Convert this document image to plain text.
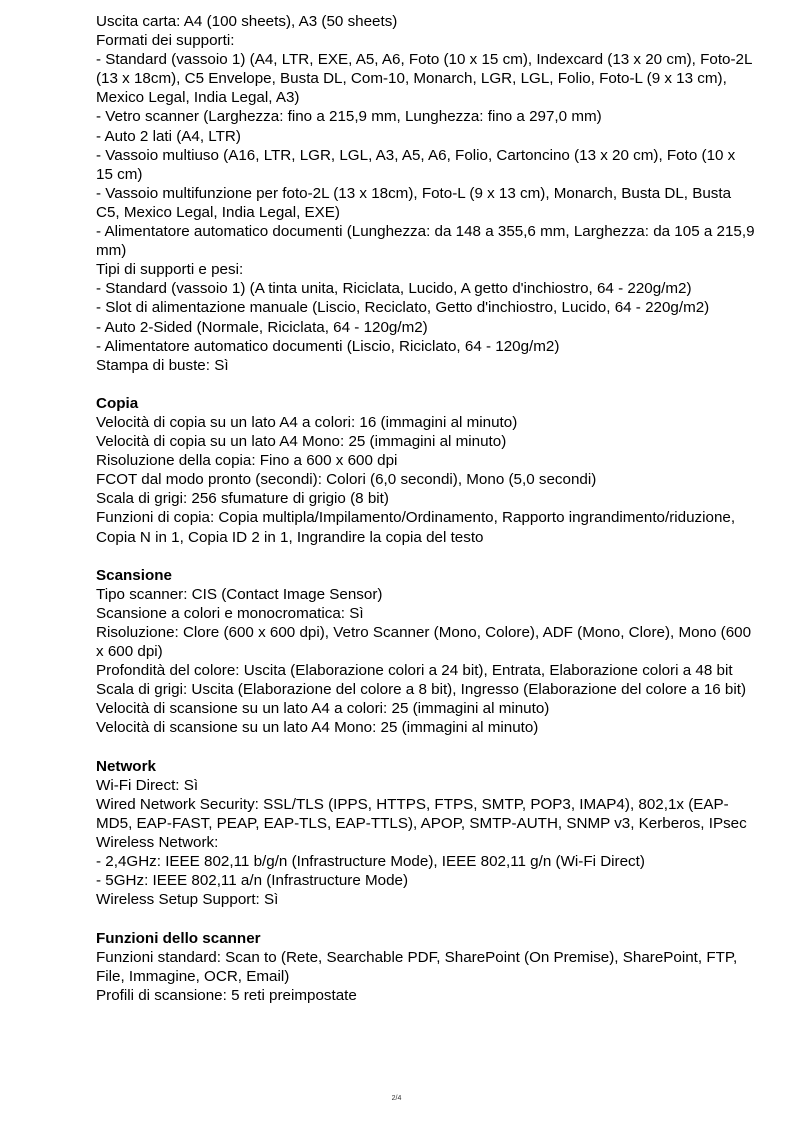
Uscita carta: A4 (100 sheets), A3 (50 sheets)

Formati dei supporti:

- Standard (vassoio 1) (A4, LTR, EXE, A5, A6, Foto (10 x 15 cm), Indexcard (13 x 20 cm), Foto-2L (13 x 18cm), C5 Envelope, Busta DL, Com-10, Monarch, LGR, LGL, Folio, Foto-L (9 x 13 cm), Mexico Legal, India Legal, A3)

- Vetro scanner (Larghezza: fino a 215,9 mm, Lunghezza: fino a 297,0 mm)

- Auto 2 lati (A4, LTR)

- Vassoio multiuso (A16, LTR, LGR, LGL, A3, A5, A6, Folio, Cartoncino (13 x 20 cm), Foto (10 x 15 cm)

- Vassoio multifunzione per foto-2L (13 x 18cm), Foto-L (9 x 13 cm), Monarch, Busta DL, Busta C5, Mexico Legal, India Legal, EXE)

- Alimentatore automatico documenti (Lunghezza: da 148 a 355,6 mm, Larghezza: da 105 a 215,9 mm)

Tipi di supporti e pesi:

- Standard (vassoio 1) (A tinta unita, Riciclata, Lucido, A getto d'inchiostro, 64 - 220g/m2)

- Slot di alimentazione manuale (Liscio, Reciclato, Getto d'inchiostro, Lucido, 64 - 220g/m2)

- Auto 2-Sided (Normale, Riciclata, 64 - 120g/m2)

- Alimentatore automatico documenti (Liscio, Riciclato, 64 - 120g/m2)

Stampa di buste: Sì

Copia

Velocità di copia su un lato A4 a colori: 16 (immagini al minuto)

Velocità di copia su un lato A4 Mono: 25 (immagini al minuto)

Risoluzione della copia: Fino a 600 x 600 dpi

FCOT dal modo pronto (secondi): Colori (6,0 secondi), Mono (5,0 secondi)

Scala di grigi: 256 sfumature di grigio (8 bit)

Funzioni di copia: Copia multipla/Impilamento/Ordinamento, Rapporto ingrandimento/riduzione, Copia N in 1, Copia ID 2 in 1, Ingrandire la copia del testo

Scansione

Tipo scanner: CIS (Contact Image Sensor)

Scansione a colori e monocromatica: Sì

Risoluzione: Clore (600 x 600 dpi), Vetro Scanner (Mono, Colore), ADF (Mono, Clore), Mono (600 x 600 dpi)

Profondità del colore: Uscita (Elaborazione colori a 24 bit), Entrata, Elaborazione colori a 48 bit

Scala di grigi: Uscita (Elaborazione del colore a 8 bit), Ingresso (Elaborazione del colore a 16 bit)

Velocità di scansione su un lato A4 a colori: 25 (immagini al minuto)

Velocità di scansione su un lato A4 Mono: 25 (immagini al minuto)

Network

Wi-Fi Direct: Sì

Wired Network Security: SSL/TLS (IPPS, HTTPS, FTPS, SMTP, POP3, IMAP4), 802,1x (EAP-MD5, EAP-FAST, PEAP, EAP-TLS, EAP-TTLS), APOP, SMTP-AUTH, SNMP v3, Kerberos, IPsec

Wireless Network:

- 2,4GHz: IEEE 802,11 b/g/n (Infrastructure Mode), IEEE 802,11 g/n (Wi-Fi Direct)

- 5GHz: IEEE 802,11 a/n (Infrastructure Mode)

Wireless Setup Support: Sì

Funzioni dello scanner

Funzioni standard: Scan to (Rete, Searchable PDF, SharePoint (On Premise), SharePoint, FTP, File, Immagine, OCR, Email)

Profili di scansione: 5 reti preimpostate

2/4
